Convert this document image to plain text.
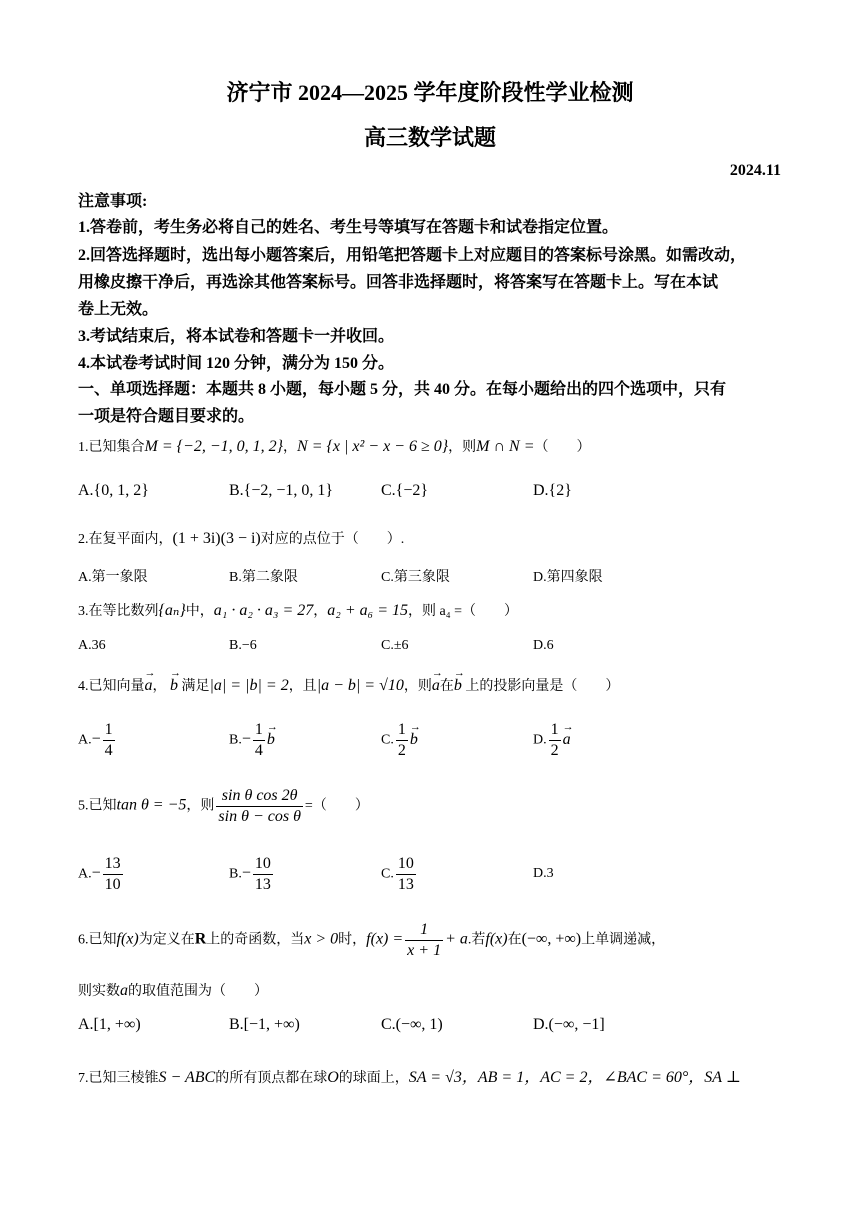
济宁市 2024—2025 学年度阶段性学业检测
高三数学试题
2024.11
注意事项:
1.答卷前，考生务必将自己的姓名、考生号等填写在答题卡和试卷指定位置。
2.回答选择题时，选出每小题答案后，用铅笔把答题卡上对应题目的答案标号涂黑。如需改动，
用橡皮擦干净后，再选涂其他答案标号。回答非选择题时，将答案写在答题卡上。写在本试
卷上无效。
3.考试结束后，将本试卷和答题卡一并收回。
4.本试卷考试时间 120 分钟，满分为 150 分。
一、单项选择题：本题共 8 小题，每小题 5 分，共 40 分。在每小题给出的四个选项中，只有
一项是符合题目要求的。
1.已知集合M = {−2, −1, 0, 1, 2}，N = {x | x² − x − 6 ≥ 0}，则M ∩ N =（　　）
A.{0, 1, 2}	B.{−2, −1, 0, 1}	C.{−2}	D.{2}
2.在复平面内，(1 + 3i)(3 − i)对应的点位于（　　）.
A.第一象限	B.第二象限	C.第三象限	D.第四象限
3.在等比数列{aₙ}中，a₁ · a₂ · a₃ = 27，a₂ + a₆ = 15，则 a₄ =（　　）
A.36	B.−6	C.±6	D.6
4.已知向量→ a， → b 满足|a| = |b| = 2，且|a − b| = √10，则→ a在→ b 上的投影向量是（　　）
$A.- \frac{1}{4}$	$B.- \frac{1}{4}$
→ b	C. $\frac{1}{2}$
→ b	D. $\frac{1}{2}$
→ a
5.已知tan θ = −5，则 $\frac{\text{sin θ cos 2θ}}{\text{sin θ − cos θ}}$ =（　　）
$A.- \frac{13}{10}$	$B.- \frac{10}{13}$	C. $\frac{10}{13}$	D.3
6.已知f(x)为定义在R上的奇函数，当x > 0时，$f(x) = \frac{1}{x + 1} + a$.若f(x)在(−∞, +∞)上单调递减，
则实数a的取值范围为（　　）
A.[1, +∞)	B.[−1, +∞)	C.(−∞, 1)	D.(−∞, −1]
7.已知三棱锥S − ABC的所有顶点都在球O的球面上，SA = √3，AB = 1，AC = 2，∠BAC = 60°，SA ⊥
